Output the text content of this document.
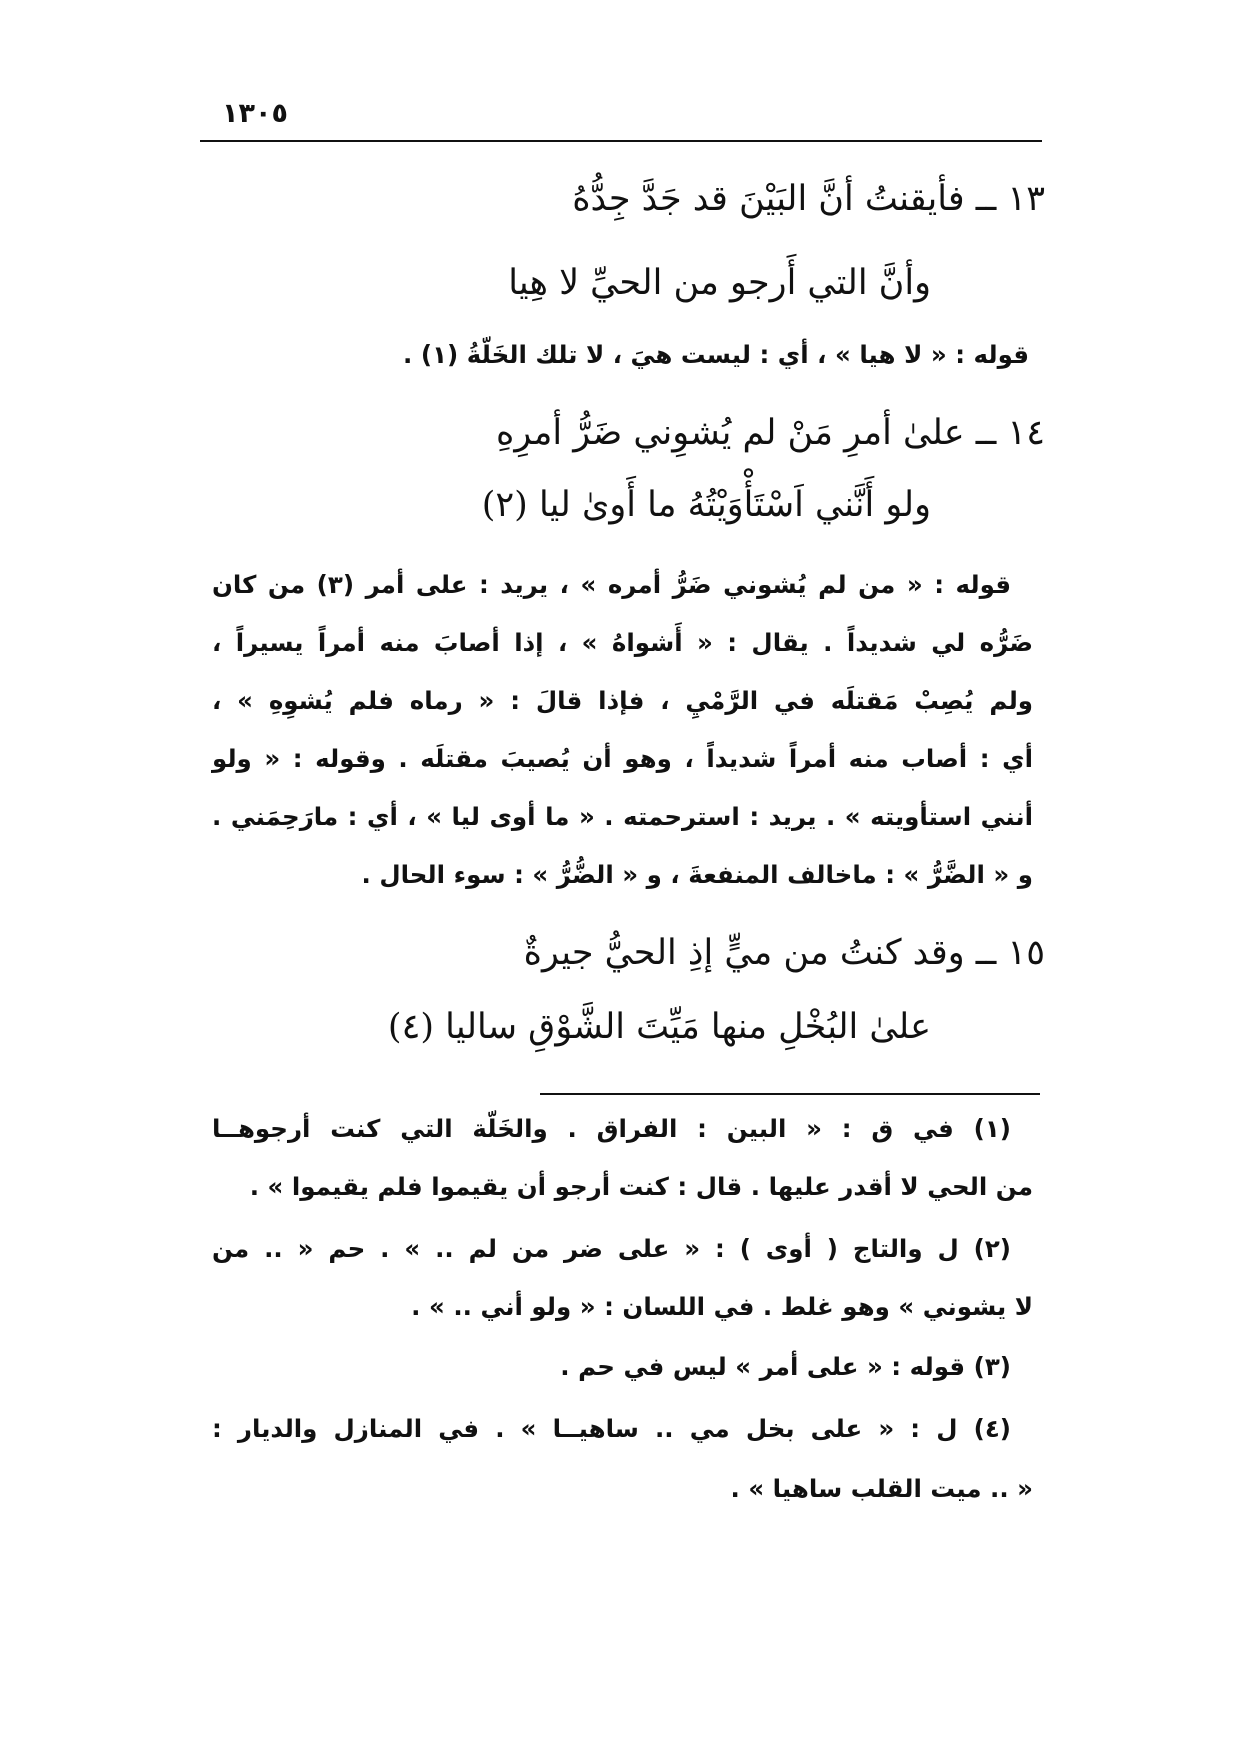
١٣٠٥
١٣ ــ فأيقنتُ أنَّ البَيْنَ قد جَدَّ جِدُّهُ
وأنَّ التي أَرجو من الحيِّ لا هِيا
قوله : « لا هيا » ، أي : ليست هيَ ، لا تلك الخَلّةُ (١) .
١٤ ــ علىٰ أمرِ مَنْ لم يُشوِني ضَرُّ أمرِهِ
ولو أَنَّني اَسْتَأْوَيْتُهُ ما أَوىٰ ليا (٢)
قوله : « من لم يُشوني ضَرُّ أمره » ، يريد : على أمر (٣) من كان
ضَرُّه لي شديداً . يقال : « أَشواهُ » ، إذا أصابَ منه أمراً يسيراً ،
ولم يُصِبْ مَقتلَه في الرَّمْيِ ، فإذا قالَ : « رماه فلم يُشوِهِ » ،
أي : أصاب منه أمراً شديداً ، وهو أن يُصيبَ مقتلَه . وقوله : « ولو
أنني استأويته » . يريد : استرحمته . « ما أوى ليا » ، أي : مارَحِمَني .
و « الضَّرُّ » : ماخالف المنفعةَ ، و « الضُّرُّ » : سوء الحال .
١٥ ــ وقد كنتُ من ميٍّ إذِ الحيُّ جيرةٌ
علىٰ البُخْلِ منها مَيِّتَ الشَّوْقِ ساليا (٤)
(١) في ق : « البين : الفراق . والخَلّة التي كنت أرجوهــا
من الحي لا أقدر عليها . قال : كنت أرجو أن يقيموا فلم يقيموا » .
(٢) ل والتاج ( أوى ) : « على ضر من لم .. » . حم « .. من
لا يشوني » وهو غلط . في اللسان : « ولو أني .. » .
(٣) قوله : « على أمر » ليس في حم .
(٤) ل : « على بخل مي .. ساهيــا » . في المنازل والديار :
« .. ميت القلب ساهيا » .
